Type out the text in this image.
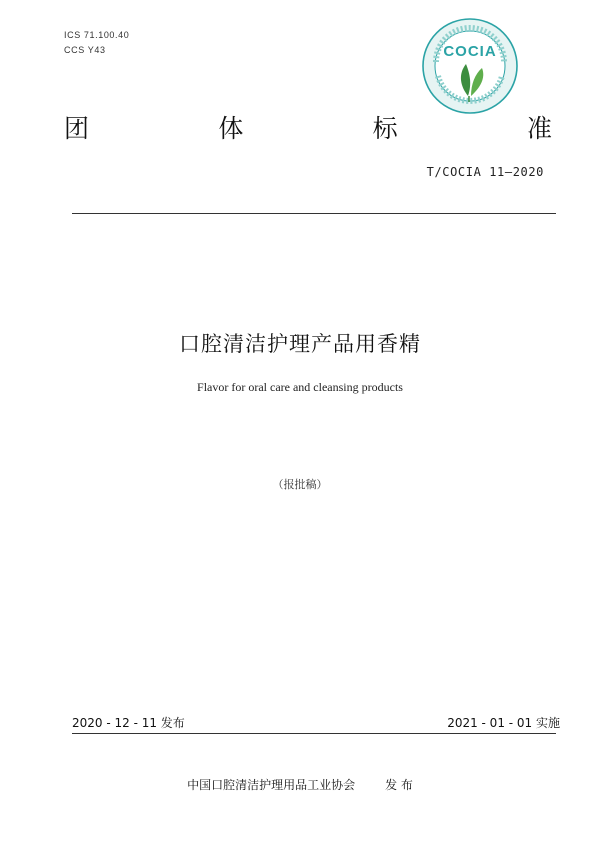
ICS 71.100.40
CCS Y43	COCIA
团	体	标	准
T/COCIA 11—2020
口腔清洁护理产品用香精
Flavor for oral care and cleansing products
（报批稿）
2020 - 12 - 11 发布	2021 - 01 - 01 实施
中国口腔清洁护理用品工业协会	发 布
